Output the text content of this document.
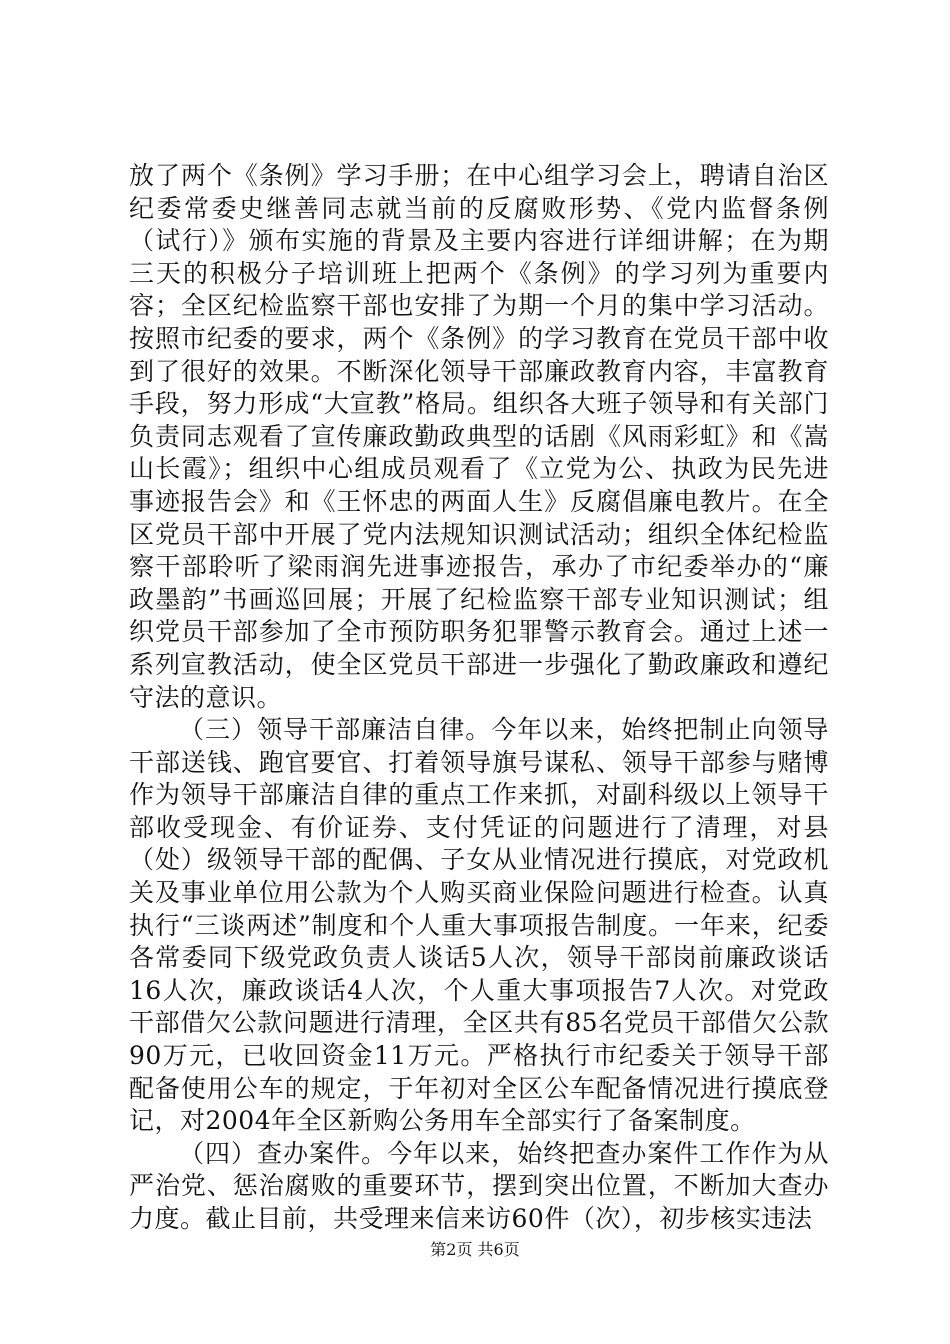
放了两个《条例》学习手册；在中心组学习会上，聘请自治区纪委常委史继善同志就当前的反腐败形势、《党内监督条例（试行）》颁布实施的背景及主要内容进行详细讲解；在为期三天的积极分子培训班上把两个《条例》的学习列为重要内容；全区纪检监察干部也安排了为期一个月的集中学习活动。按照市纪委的要求，两个《条例》的学习教育在党员干部中收到了很好的效果。不断深化领导干部廉政教育内容，丰富教育手段，努力形成“大宣教”格局。组织各大班子领导和有关部门负责同志观看了宣传廉政勤政典型的话剧《风雨彩虹》和《嵩山长霞》；组织中心组成员观看了《立党为公、执政为民先进事迹报告会》和《王怀忠的两面人生》反腐倡廉电教片。在全区党员干部中开展了党内法规知识测试活动；组织全体纪检监察干部聆听了梁雨润先进事迹报告，承办了市纪委举办的“廉政墨韵”书画巡回展；开展了纪检监察干部专业知识测试；组织党员干部参加了全市预防职务犯罪警示教育会。通过上述一系列宣教活动，使全区党员干部进一步强化了勤政廉政和遵纪守法的意识。

（三）领导干部廉洁自律。今年以来，始终把制止向领导干部送钱、跑官要官、打着领导旗号谋私、领导干部参与赌博作为领导干部廉洁自律的重点工作来抓，对副科级以上领导干部收受现金、有价证券、支付凭证的问题进行了清理，对县（处）级领导干部的配偶、子女从业情况进行摸底，对党政机关及事业单位用公款为个人购买商业保险问题进行检查。认真执行“三谈两述”制度和个人重大事项报告制度。一年来，纪委各常委同下级党政负责人谈话5人次，领导干部岗前廉政谈话16人次，廉政谈话4人次，个人重大事项报告7人次。对党政干部借欠公款问题进行清理，全区共有85名党员干部借欠公款90万元，已收回资金11万元。严格执行市纪委关于领导干部配备使用公车的规定，于年初对全区公车配备情况进行摸底登记，对2004年全区新购公务用车全部实行了备案制度。

（四）查办案件。今年以来，始终把查办案件工作作为从严治党、惩治腐败的重要环节，摆到突出位置，不断加大查办力度。截止目前，共受理来信来访60件（次），初步核实违法

第2页 共6页
